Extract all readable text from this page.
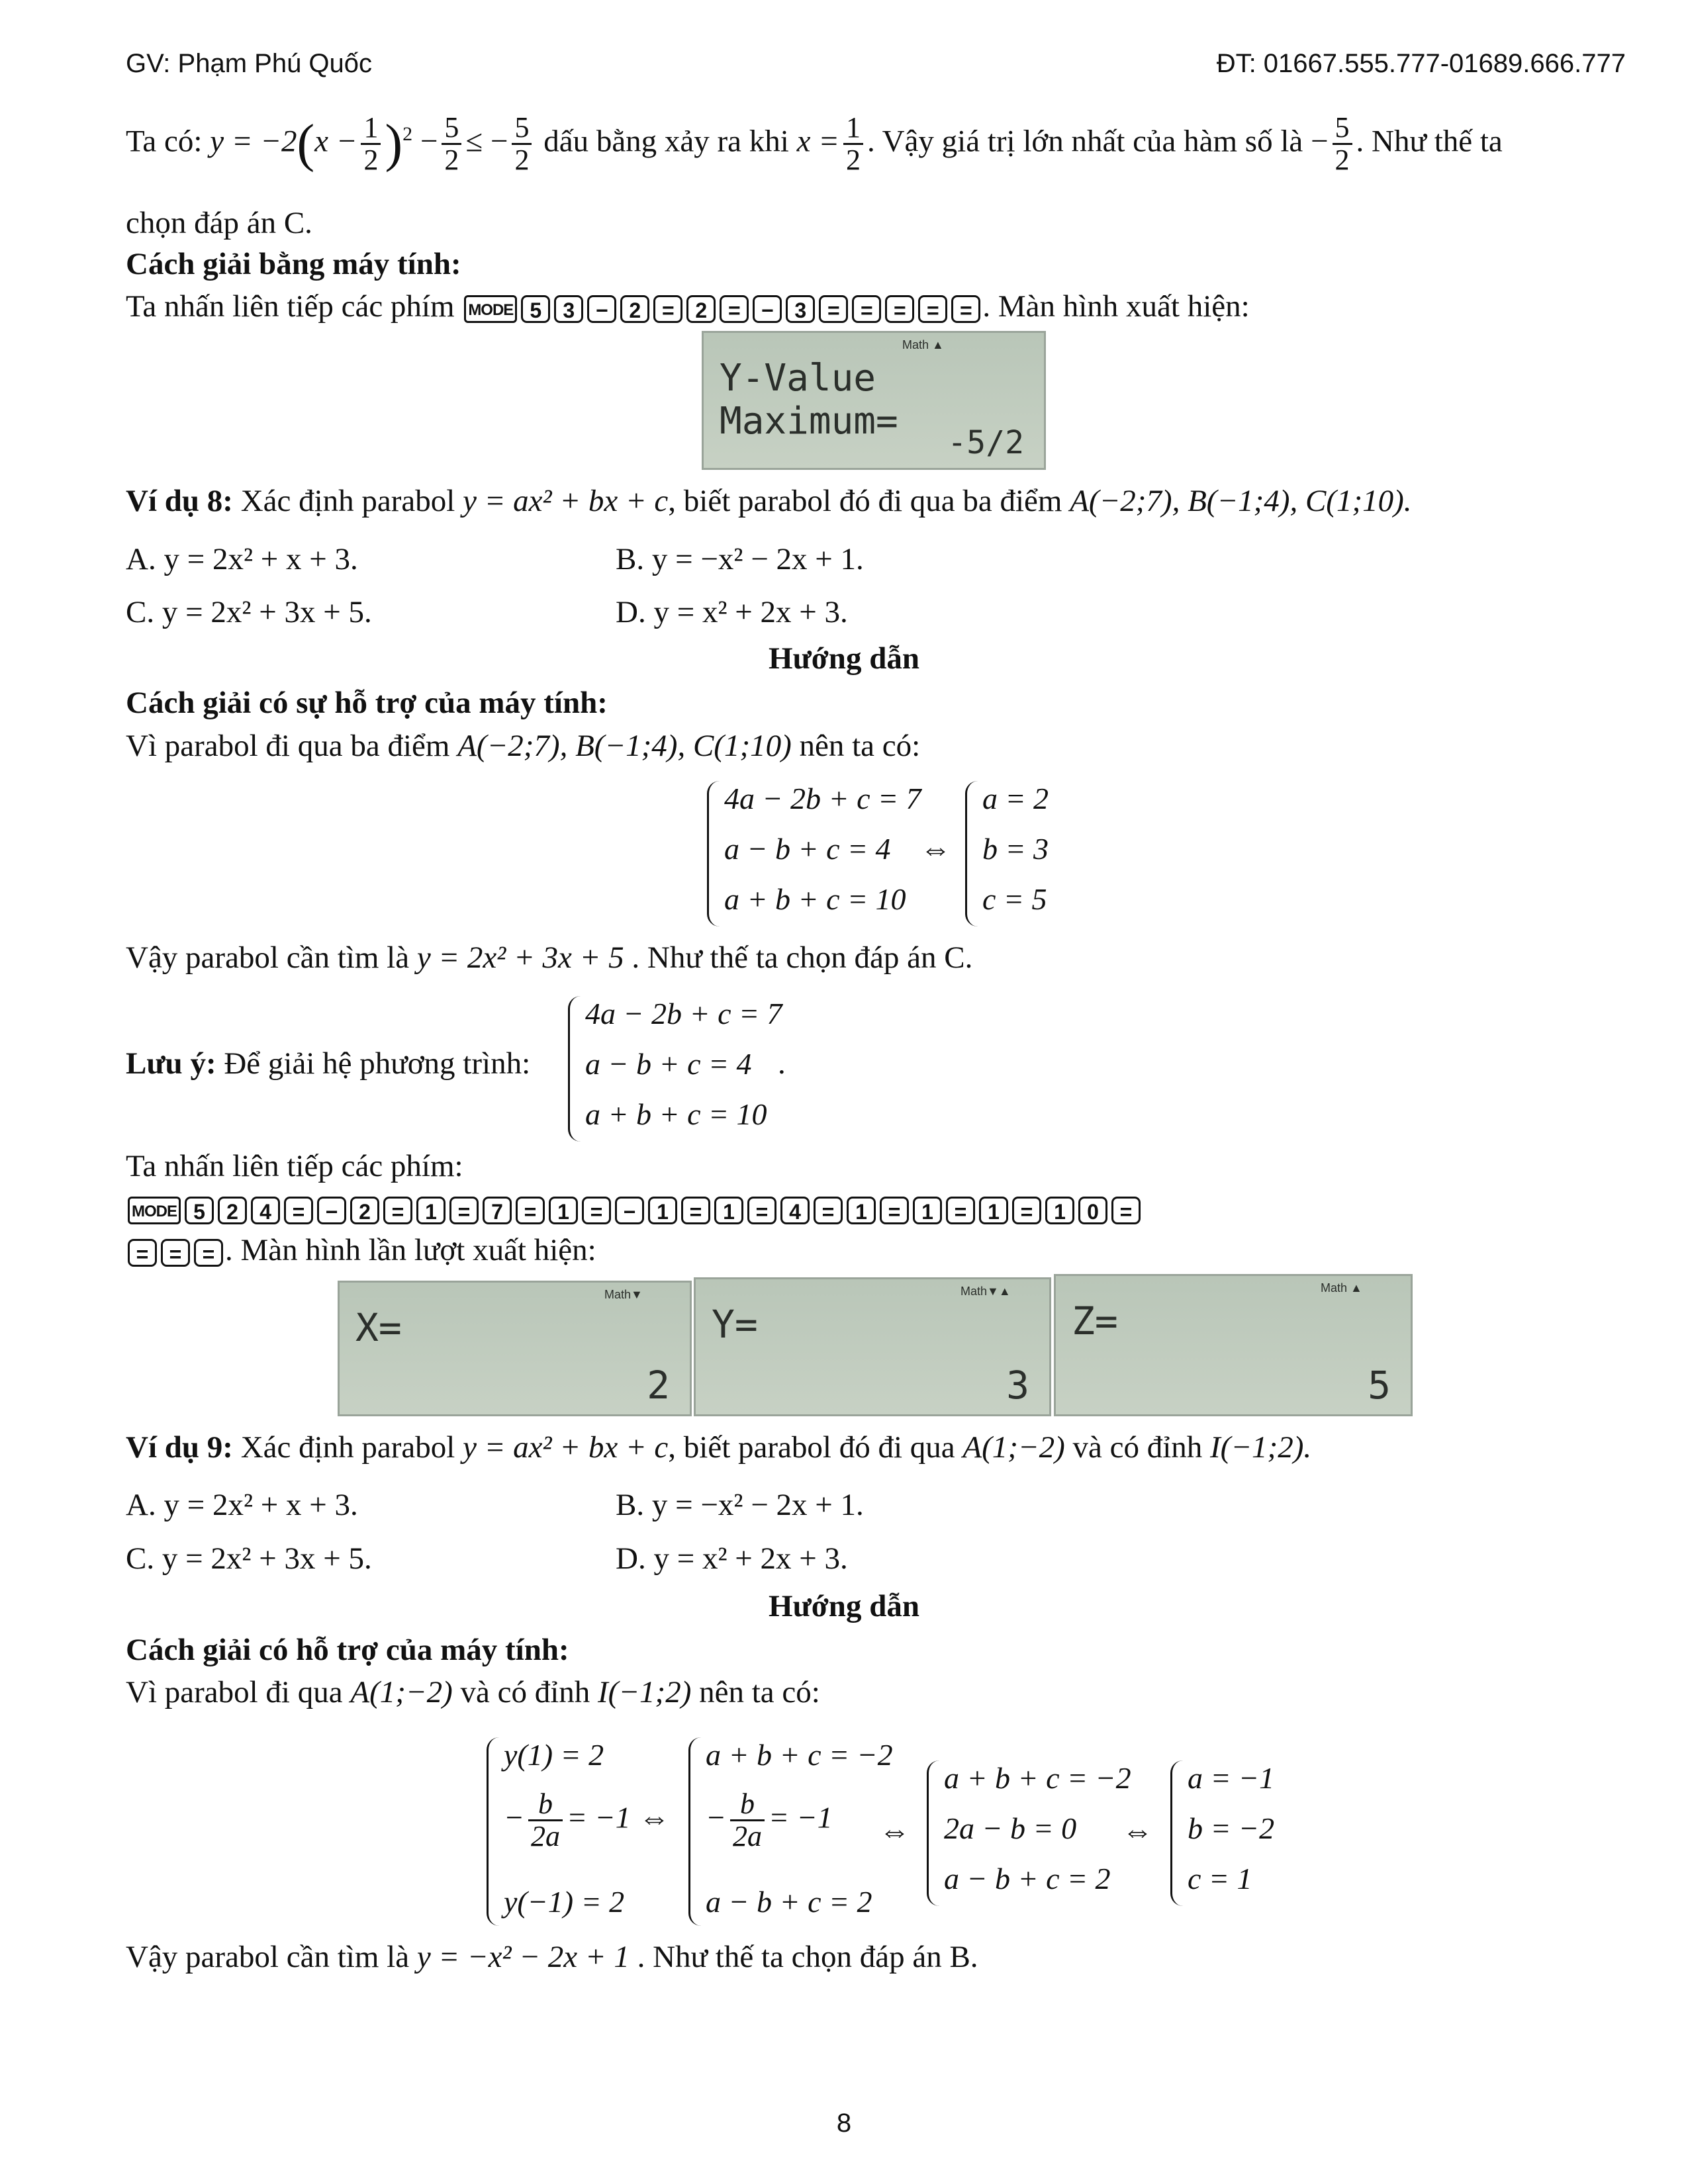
GV: Phạm Phú Quốc	ĐT: 01667.555.777-01689.666.777
Ta có: $y = -2(x - \frac{1}{2} )^2 - \frac{5}{2}$ ≤ − $\frac{5}{2}$ dấu bằng xảy ra khi $x = \frac{1}{2}$ . Vậy giá trị lớn nhất của hàm số là − $\frac{5}{2}$ . Như thế ta
chọn đáp án C.
Cách giải bằng máy tính:
Ta nhấn liên tiếp các phím MODE 5 3 − 2 = 2 = − 3 = = = = = . Màn hình xuất hiện:
Math ▲
Y-Value Maximum=	-5/2
Ví dụ 8: Xác định parabol y = ax² + bx + c, biết parabol đó đi qua ba điểm A(−2;7), B(−1;4), C(1;10).
A. y = 2x² + x + 3.	B. y = −x² − 2x + 1.
C. y = 2x² + 3x + 5.	D. y = x² + 2x + 3.
Hướng dẫn
Cách giải có sự hỗ trợ của máy tính:
Vì parabol đi qua ba điểm A(−2;7), B(−1;4), C(1;10) nên ta có:
4a − 2b + c = 7
a − b + c = 4
a + b + c = 10
⇔
a = 2
b = 3
c = 5
Vậy parabol cần tìm là y = 2x² + 3x + 5 . Như thế ta chọn đáp án C.
Lưu ý: Để giải hệ phương trình:
4a − 2b + c = 7
a − b + c = 4
a + b + c = 10
.
Ta nhấn liên tiếp các phím:
MODE 5 2 4 = − 2 = 1 = 7 = 1 = − 1 = 1 = 4 = 1 = 1 = 1 = 1 0 =
= = = . Màn hình lần lượt xuất hiện:
Math▼
X=
2
Math▼▲
Y=
3
Math ▲
Z=
5
Ví dụ 9: Xác định parabol y = ax² + bx + c, biết parabol đó đi qua A(1;−2) và có đỉnh I(−1;2).
A. y = 2x² + x + 3.	B. y = −x² − 2x + 1.
C. y = 2x² + 3x + 5.	D. y = x² + 2x + 3.
Hướng dẫn
Cách giải có hỗ trợ của máy tính:
Vì parabol đi qua A(1;−2) và có đỉnh I(−1;2) nên ta có:
y(1) = 2
− $\frac{b}{2a} = -1$
y(−1) = 2
⇔
a + b + c = −2
− $\frac{b}{2a} = -1$
a − b + c = 2
⇔
a + b + c = −2
2a − b = 0
a − b + c = 2
⇔
a = −1
b = −2
c = 1
Vậy parabol cần tìm là y = −x² − 2x + 1 . Như thế ta chọn đáp án B.
8
